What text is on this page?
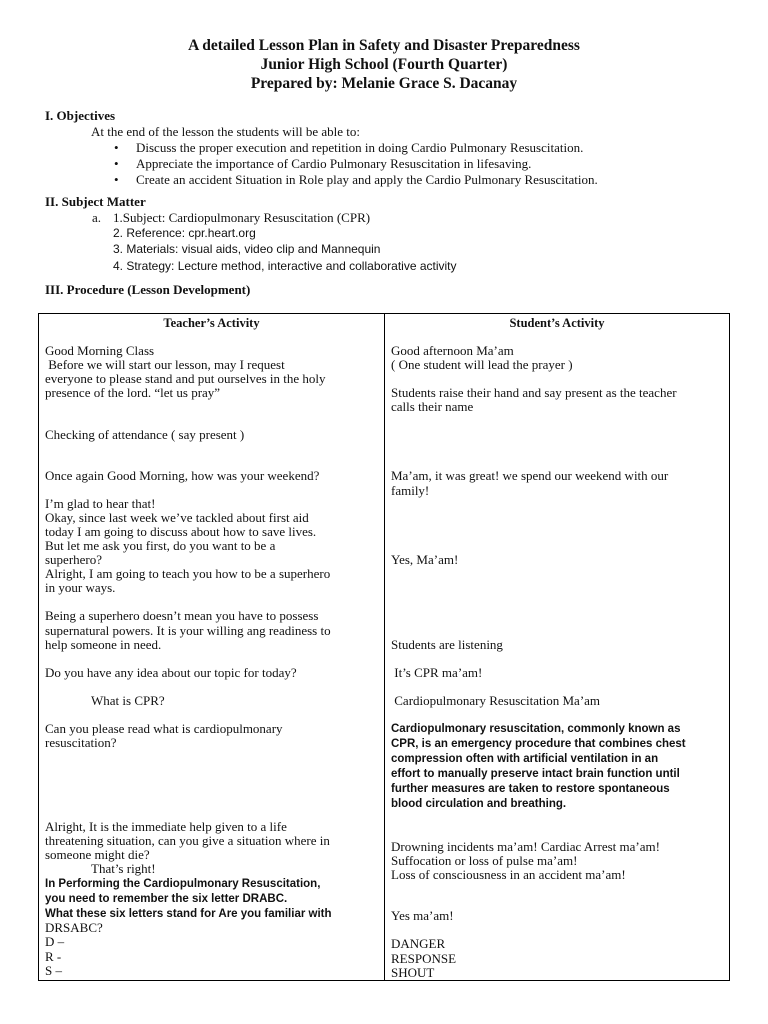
A detailed Lesson Plan in Safety and Disaster Preparedness
Junior High School (Fourth Quarter)
Prepared by: Melanie Grace S. Dacanay
I. Objectives
At the end of the lesson the students will be able to:
• Discuss the proper execution and repetition in doing Cardio Pulmonary Resuscitation.
• Appreciate the importance of Cardio Pulmonary Resuscitation in lifesaving.
• Create an accident Situation in Role play and apply the Cardio Pulmonary Resuscitation.
II. Subject Matter
a. 1.Subject: Cardiopulmonary Resuscitation (CPR)
2. Reference: cpr.heart.org
3. Materials: visual aids, video clip and Mannequin
4. Strategy: Lecture method, interactive and collaborative activity
III. Procedure (Lesson Development)
Teacher’s Activity	Student’s Activity
Good Morning Class
Before we will start our lesson, may I request
everyone to please stand and put ourselves in the holy
presence of the lord. “let us pray”
Checking of attendance ( say present )
Once again Good Morning, how was your weekend?
I’m glad to hear that!
Okay, since last week we’ve tackled about first aid
today I am going to discuss about how to save lives.
But let me ask you first, do you want to be a
superhero?
Alright, I am going to teach you how to be a superhero
in your ways.
Being a superhero doesn’t mean you have to possess
supernatural powers. It is your willing ang readiness to
help someone in need.
Do you have any idea about our topic for today?
What is CPR?
Can you please read what is cardiopulmonary
resuscitation?
Alright, It is the immediate help given to a life
threatening situation, can you give a situation where in
someone might die?
That’s right!
In Performing the Cardiopulmonary Resuscitation,
you need to remember the six letter DRABC.
What these six letters stand for Are you familiar with
DRSABC?
D –
R -
S –
Good afternoon Ma’am
( One student will lead the prayer )
Students raise their hand and say present as the teacher
calls their name
Ma’am, it was great! we spend our weekend with our
family!
Yes, Ma’am!
Students are listening
It’s CPR ma’am!
Cardiopulmonary Resuscitation Ma’am
Cardiopulmonary resuscitation, commonly known as
CPR, is an emergency procedure that combines chest
compression often with artificial ventilation in an
effort to manually preserve intact brain function until
further measures are taken to restore spontaneous
blood circulation and breathing.
Drowning incidents ma’am! Cardiac Arrest ma’am!
Suffocation or loss of pulse ma’am!
Loss of consciousness in an accident ma’am!
Yes ma’am!
DANGER
RESPONSE
SHOUT
